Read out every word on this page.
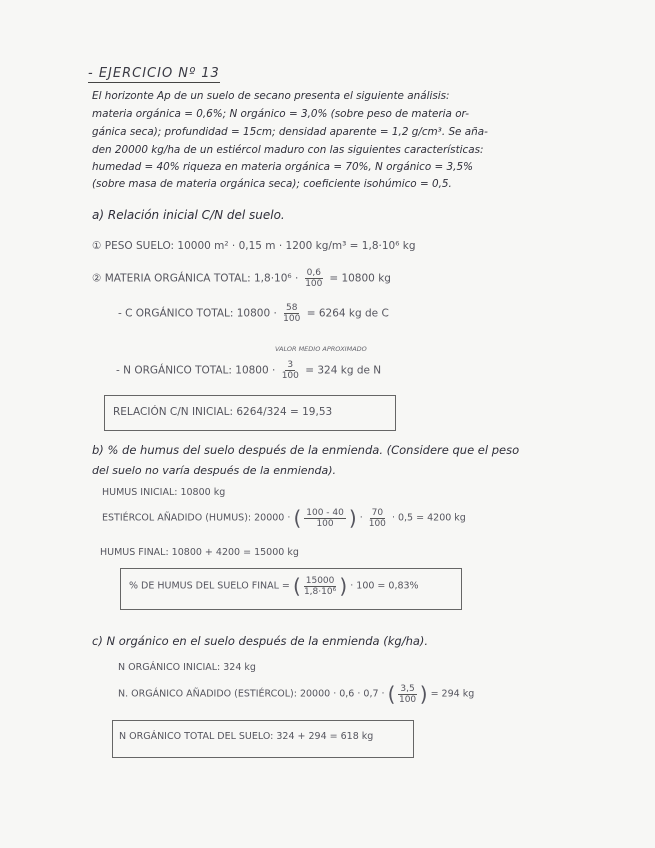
- EJERCICIO Nº 13
El horizonte Ap de un suelo de secano presenta el siguiente análisis:
materia orgánica = 0,6%; N orgánico = 3,0% (sobre peso de materia or-
gánica seca); profundidad = 15cm; densidad aparente = 1,2 g/cm³. Se aña-
den 20000 kg/ha de un estiércol maduro con las siguientes características:
humedad = 40% riqueza en materia orgánica = 70%, N orgánico = 3,5%
(sobre masa de materia orgánica seca); coeficiente isohúmico = 0,5.
a) Relación inicial C/N del suelo.
① PESO SUELO: 10000 m² · 0,15 m · 1200 kg/m³ = 1,8·10⁶ kg
② MATERIA ORGÁNICA TOTAL: $1,8\cdot 10^6 \cdot \frac{0,6}{100} = 10800$ kg
- C ORGÁNICO TOTAL: $10800 \cdot \frac{58}{100} = 6264$ kg de C
VALOR MEDIO APROXIMADO
- N ORGÁNICO TOTAL: $10800 \cdot \frac{3}{100} = 324$ kg de N
RELACIÓN C/N INICIAL: 6264/324 = 19,53
b) % de humus del suelo después de la enmienda. (Considere que el peso
del suelo no varía después de la enmienda).
HUMUS INICIAL: 10800 kg
ESTIÉRCOL AÑADIDO (HUMUS): 20000 · ( $\frac{100 - 40}{100}$ ) · $\frac{70}{100} \cdot 0,5 = 4200$ kg
HUMUS FINAL: 10800 + 4200 = 15000 kg
% DE HUMUS DEL SUELO FINAL = ( $\frac{15000}{\text{1,8·10⁶}}$ ) · 100 = 0,83%
c) N orgánico en el suelo después de la enmienda (kg/ha).
N ORGÁNICO INICIAL: 324 kg
N. ORGÁNICO AÑADIDO (ESTIÉRCOL): 20000 · 0,6 · 0,7 · ( $\frac{3,5}{100}$ ) = 294 kg
N ORGÁNICO TOTAL DEL SUELO: 324 + 294 = 618 kg
